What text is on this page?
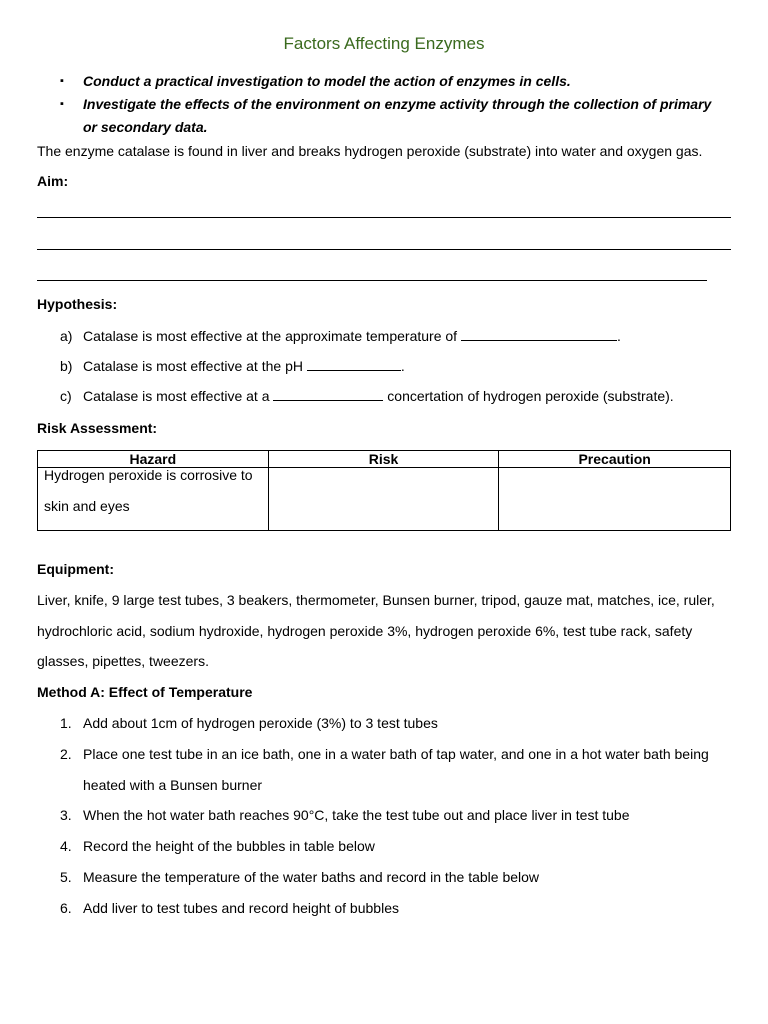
Factors Affecting Enzymes
▪ Conduct a practical investigation to model the action of enzymes in cells.
▪ Investigate the effects of the environment on enzyme activity through the collection of primary
or secondary data.
The enzyme catalase is found in liver and breaks hydrogen peroxide (substrate) into water and oxygen gas.
Aim:
Hypothesis:
a) Catalase is most effective at the approximate temperature of	.
b) Catalase is most effective at the pH	.
c) Catalase is most effective at a	concertation of hydrogen peroxide (substrate).
Risk Assessment:
Hazard	Risk	Precaution

Hydrogen peroxide is corrosive to skin and eyes		

Equipment:
Liver, knife, 9 large test tubes, 3 beakers, thermometer, Bunsen burner, tripod, gauze mat, matches, ice, ruler,
hydrochloric acid, sodium hydroxide, hydrogen peroxide 3%, hydrogen peroxide 6%, test tube rack, safety
glasses, pipettes, tweezers.
Method A: Effect of Temperature
1. Add about 1cm of hydrogen peroxide (3%) to 3 test tubes
2. Place one test tube in an ice bath, one in a water bath of tap water, and one in a hot water bath being
heated with a Bunsen burner
3. When the hot water bath reaches 90°C, take the test tube out and place liver in test tube
4. Record the height of the bubbles in table below
5. Measure the temperature of the water baths and record in the table below
6. Add liver to test tubes and record height of bubbles
